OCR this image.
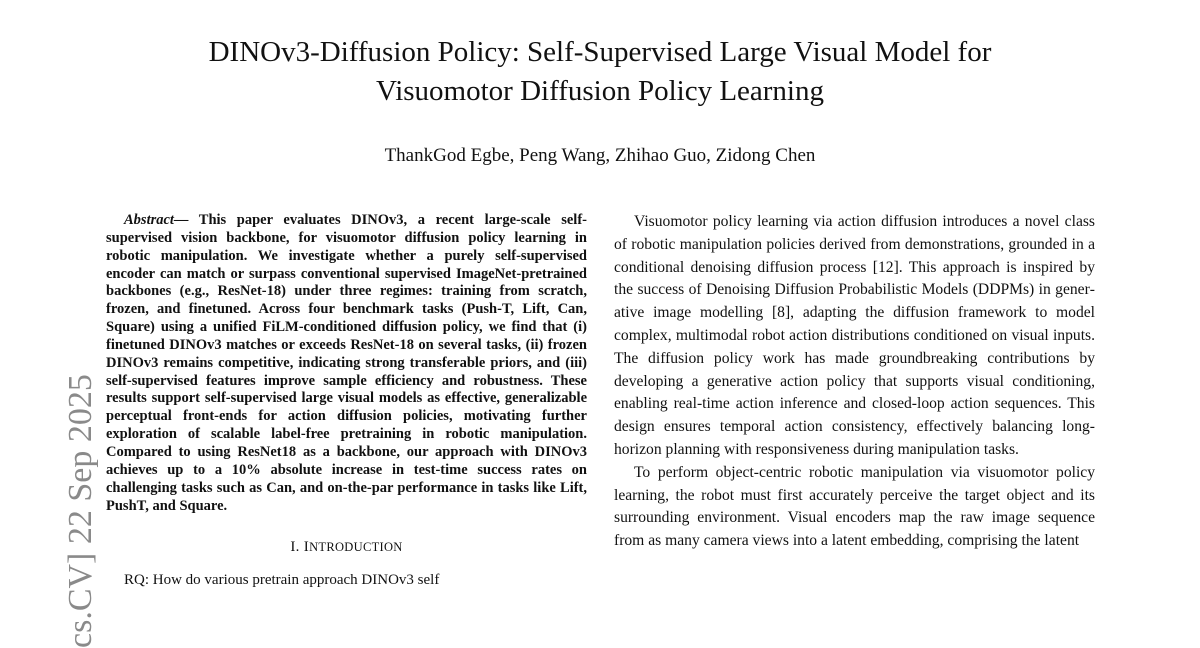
DINOv3-Diffusion Policy: Self-Supervised Large Visual Model for
Visuomotor Diffusion Policy Learning
ThankGod Egbe, Peng Wang, Zhihao Guo, Zidong Chen
cs.CV] 22 Sep 2025

Abstract— This paper evaluates DINOv3, a recent large-scale self-supervised vision backbone, for visuomotor diffusion policy learning in robotic manipulation. We investigate whether a purely self-supervised encoder can match or surpass conventional supervised ImageNet-pretrained backbones (e.g., ResNet-18) under three regimes: training from scratch, frozen, and finetuned. Across four benchmark tasks (Push-T, Lift, Can, Square) using a unified FiLM-conditioned diffusion policy, we find that (i) finetuned DINOv3 matches or exceeds ResNet-18 on several tasks, (ii) frozen DINOv3 remains competitive, indicating strong transferable priors, and (iii) self-supervised features improve sample efficiency and robustness. These results support self-supervised large visual models as effective, generalizable perceptual front-ends for action diffusion policies, motivating further exploration of scalable label-free pretraining in robotic manipulation. Compared to using ResNet18 as a backbone, our approach with DINOv3 achieves up to a 10% absolute increase in test-time success rates on challenging tasks such as Can, and on-the-par performance in tasks like Lift, PushT, and Square.

I. INTRODUCTION
RQ: How do various pretrain approach DINOv3 self

Visuomotor policy learning via action diffusion introduces a novel class of robotic manipulation policies derived from demonstrations, grounded in a conditional denoising diffusion process [12]. This approach is inspired by the success of Denoising Diffusion Probabilistic Models (DDPMs) in generative image modelling [8], adapting the diffusion framework to model complex, multimodal robot action distributions conditioned on visual inputs. The diffusion policy work has made groundbreaking contributions by developing a generative action policy that supports visual conditioning, enabling real-time action inference and closed-loop action sequences. This design ensures temporal action consistency, effectively balancing long-horizon planning with responsiveness during manipulation tasks.

To perform object-centric robotic manipulation via visuomotor policy learning, the robot must first accurately perceive the target object and its surrounding environment. Visual encoders map the raw image sequence from as many camera views into a latent embedding, comprising the latent
